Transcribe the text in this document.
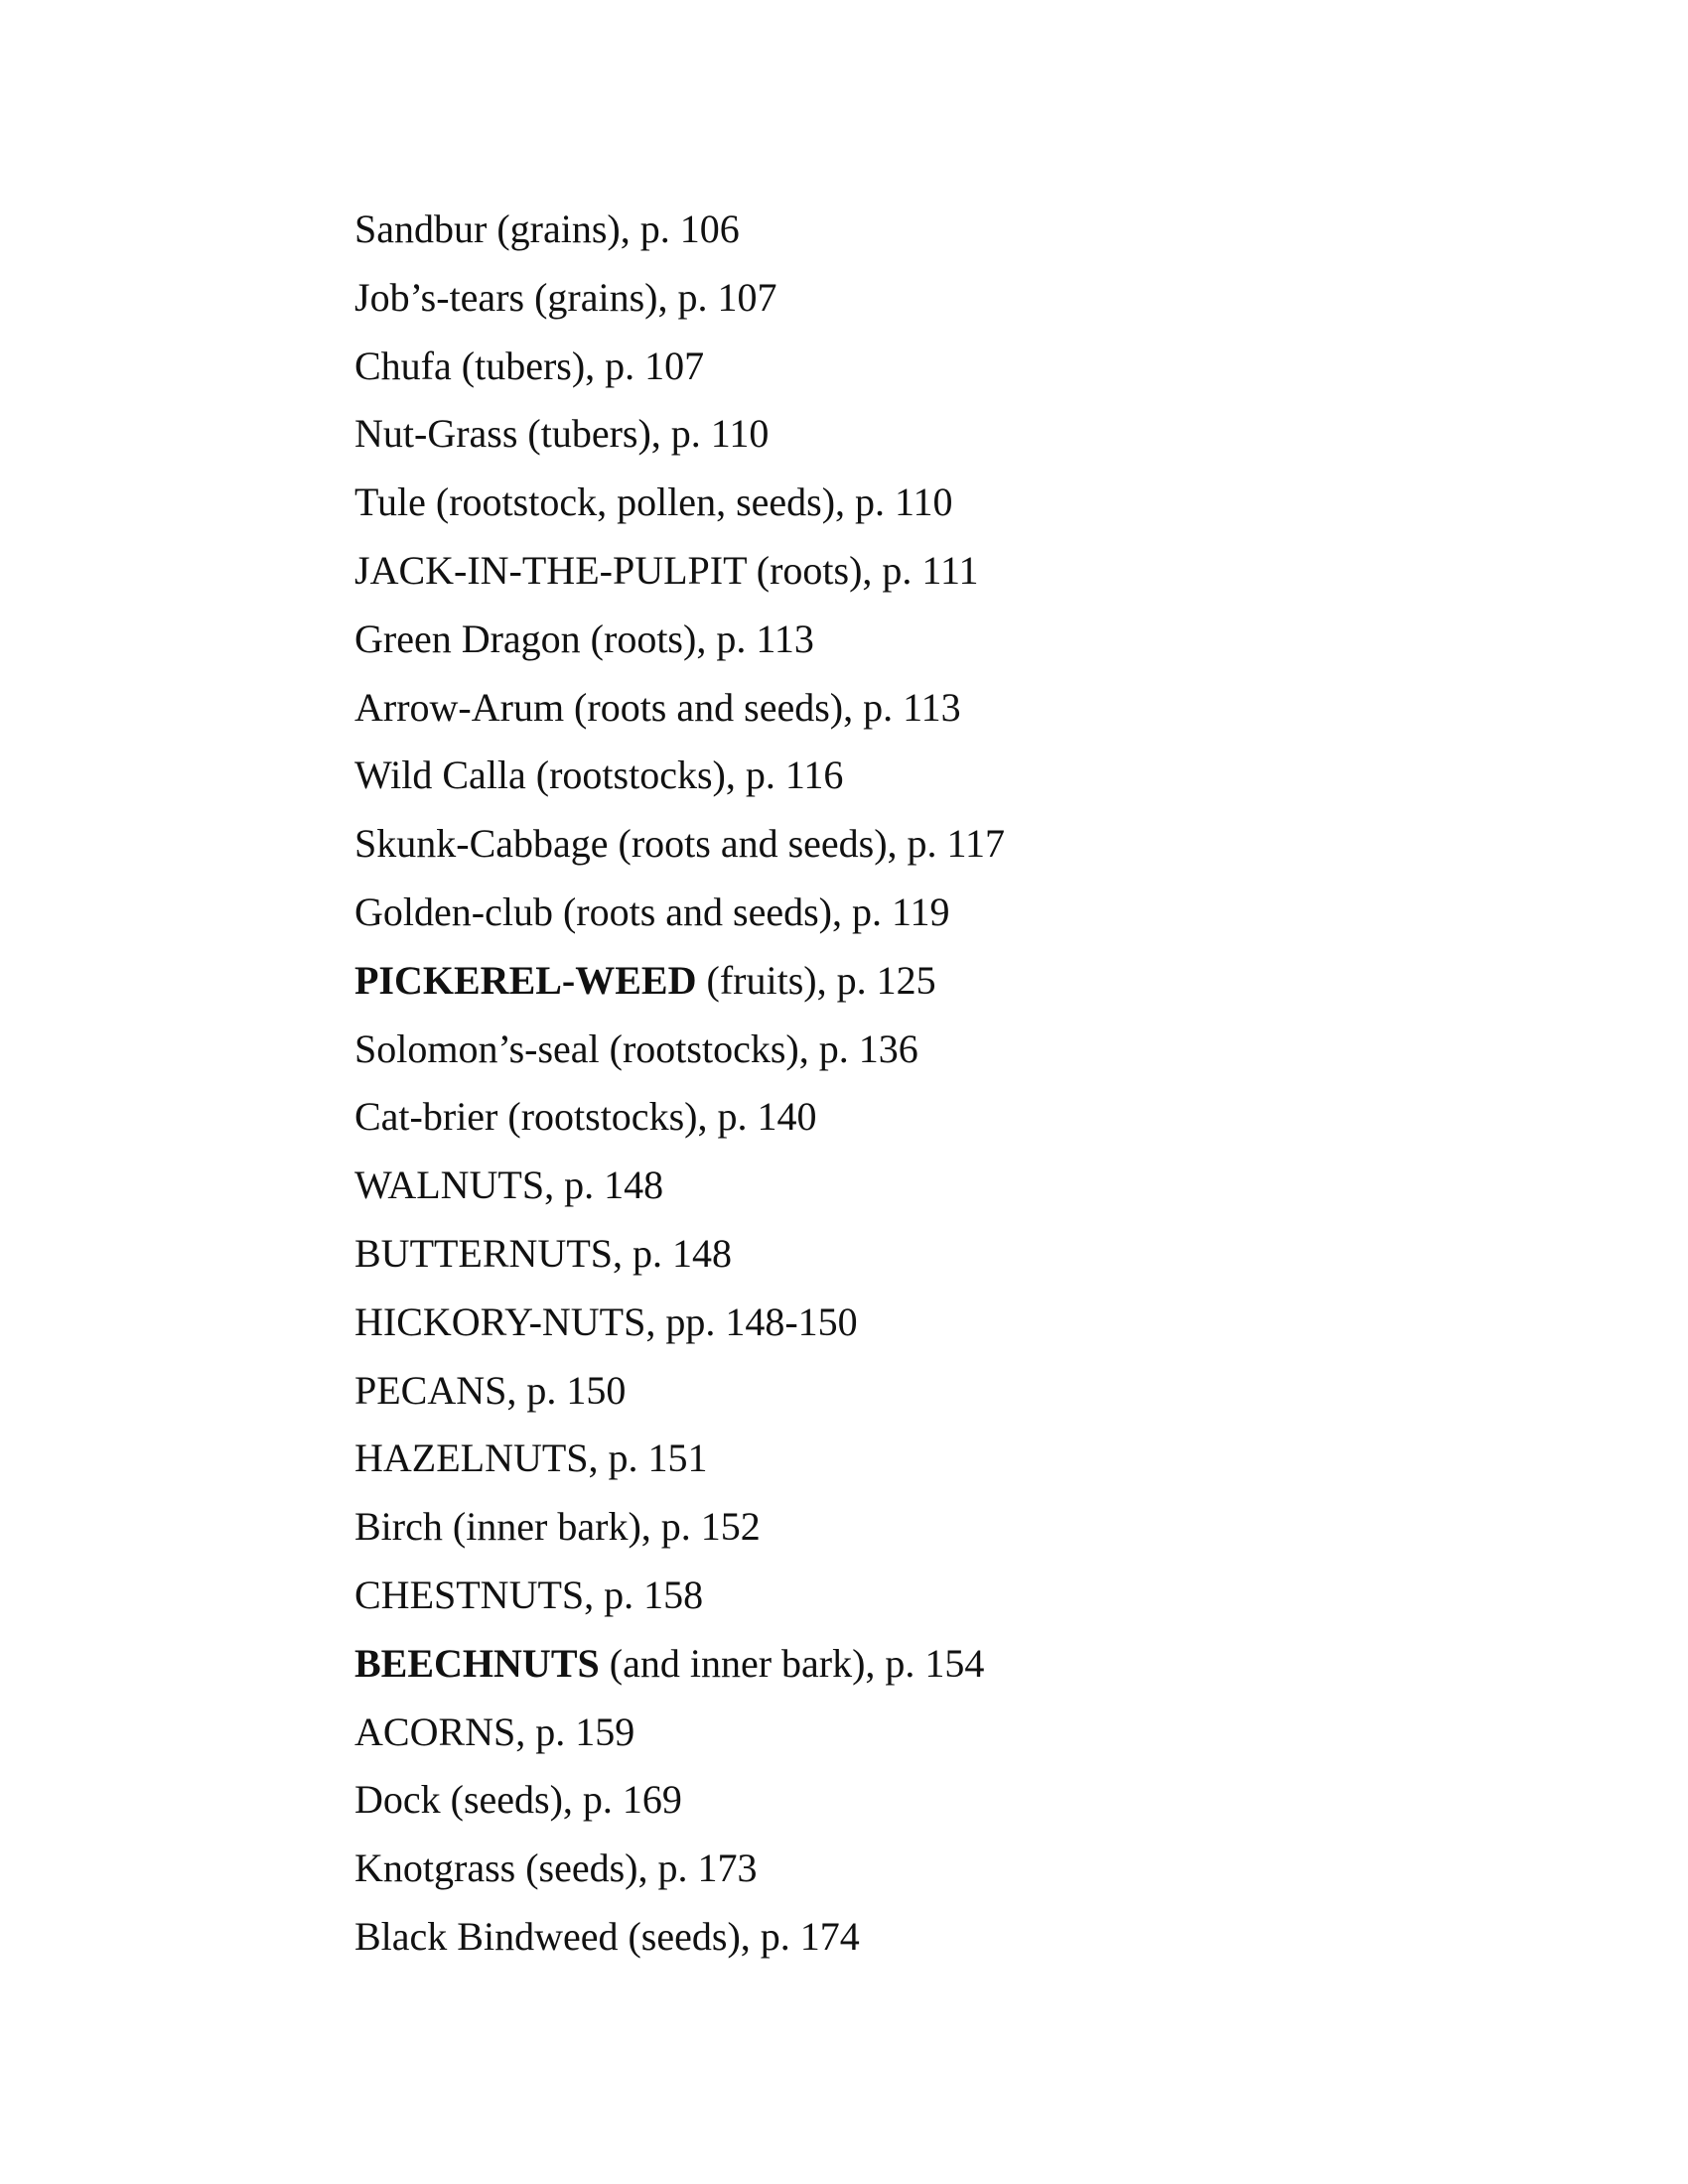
Sandbur (grains), p. 106
Job’s-tears (grains), p. 107
Chufa (tubers), p. 107
Nut-Grass (tubers), p. 110
Tule (rootstock, pollen, seeds), p. 110
JACK-IN-THE-PULPIT (roots), p. 111
Green Dragon (roots), p. 113
Arrow-Arum (roots and seeds), p. 113
Wild Calla (rootstocks), p. 116
Skunk-Cabbage (roots and seeds), p. 117
Golden-club (roots and seeds), p. 119
PICKEREL-WEED (fruits), p. 125
Solomon’s-seal (rootstocks), p. 136
Cat-brier (rootstocks), p. 140
WALNUTS, p. 148
BUTTERNUTS, p. 148
HICKORY-NUTS, pp. 148-150
PECANS, p. 150
HAZELNUTS, p. 151
Birch (inner bark), p. 152
CHESTNUTS, p. 158
BEECHNUTS (and inner bark), p. 154
ACORNS, p. 159
Dock (seeds), p. 169
Knotgrass (seeds), p. 173
Black Bindweed (seeds), p. 174
